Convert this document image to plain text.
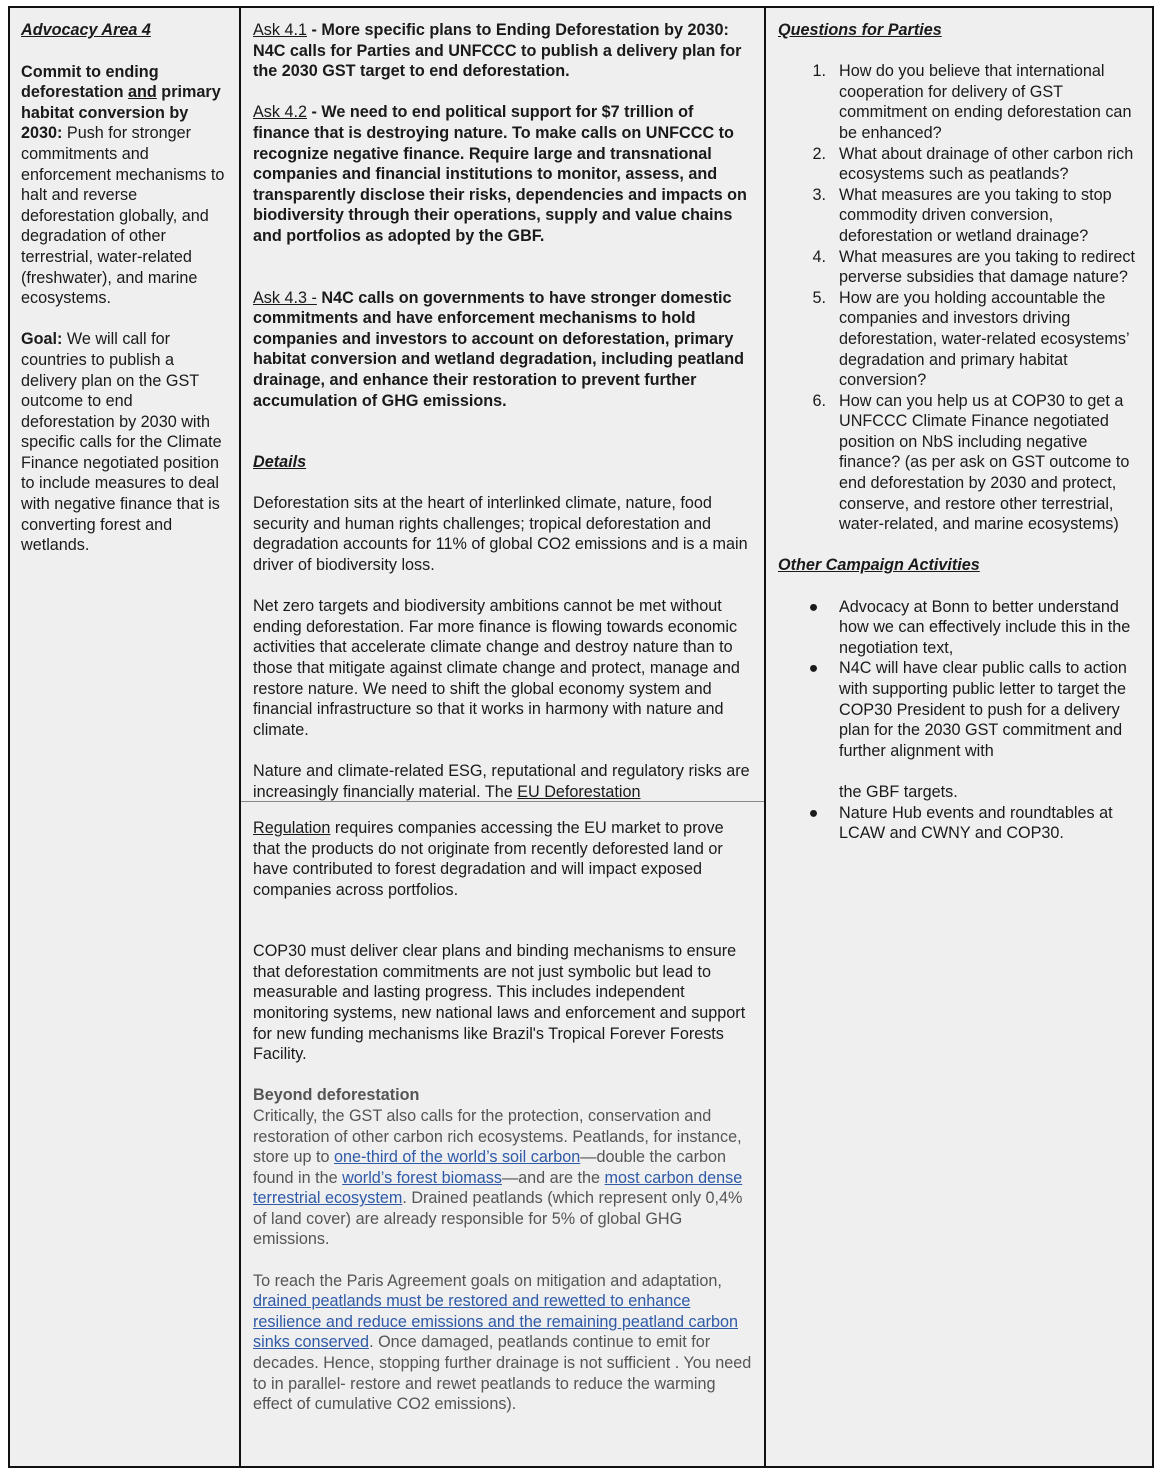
Advocacy Area 4

Commit to ending deforestation and primary habitat conversion by 2030: Push for stronger commitments and enforcement mechanisms to halt and reverse deforestation globally, and degradation of other terrestrial, water-related (freshwater), and marine ecosystems.

Goal: We will call for countries to publish a delivery plan on the GST outcome to end deforestation by 2030 with specific calls for the Climate Finance negotiated position to include measures to deal with negative finance that is converting forest and wetlands.

Ask 4.1 - More specific plans to Ending Deforestation by 2030: N4C calls for Parties and UNFCCC to publish a delivery plan for the 2030 GST target to end deforestation.

Ask 4.2 - We need to end political support for $7 trillion of finance that is destroying nature. To make calls on UNFCCC to recognize negative finance. Require large and transnational companies and financial institutions to monitor, assess, and transparently disclose their risks, dependencies and impacts on biodiversity through their operations, supply and value chains and portfolios as adopted by the GBF.

Ask 4.3 - N4C calls on governments to have stronger domestic commitments and have enforcement mechanisms to hold companies and investors to account on deforestation, primary habitat conversion and wetland degradation, including peatland drainage, and enhance their restoration to prevent further accumulation of GHG emissions.

Details

Deforestation sits at the heart of interlinked climate, nature, food security and human rights challenges; tropical deforestation and degradation accounts for 11% of global CO2 emissions and is a main driver of biodiversity loss.

Net zero targets and biodiversity ambitions cannot be met without ending deforestation. Far more finance is flowing towards economic activities that accelerate climate change and destroy nature than to those that mitigate against climate change and protect, manage and restore nature. We need to shift the global economy system and financial infrastructure so that it works in harmony with nature and climate.

Nature and climate-related ESG, reputational and regulatory risks are increasingly financially material. The EU Deforestation
Regulation requires companies accessing the EU market to prove that the products do not originate from recently deforested land or have contributed to forest degradation and will impact exposed companies across portfolios.

COP30 must deliver clear plans and binding mechanisms to ensure that deforestation commitments are not just symbolic but lead to measurable and lasting progress. This includes independent monitoring systems, new national laws and enforcement and support for new funding mechanisms like Brazil's Tropical Forever Forests Facility.

Beyond deforestation

Critically, the GST also calls for the protection, conservation and restoration of other carbon rich ecosystems. Peatlands, for instance, store up to one-third of the world’s soil carbon—double the carbon found in the world’s forest biomass—and are the most carbon dense terrestrial ecosystem. Drained peatlands (which represent only 0,4% of land cover) are already responsible for 5% of global GHG emissions.

To reach the Paris Agreement goals on mitigation and adaptation, drained peatlands must be restored and rewetted to enhance resilience and reduce emissions and the remaining peatland carbon sinks conserved. Once damaged, peatlands continue to emit for decades. Hence, stopping further drainage is not sufficient . You need to in parallel- restore and rewet peatlands to reduce the warming effect of cumulative CO2 emissions).

Questions for Parties
1. How do you believe that international cooperation for delivery of GST commitment on ending deforestation can be enhanced?
2. What about drainage of other carbon rich ecosystems such as peatlands?
3. What measures are you taking to stop commodity driven conversion, deforestation or wetland drainage?
4. What measures are you taking to redirect perverse subsidies that damage nature?
5. How are you holding accountable the companies and investors driving deforestation, water-related ecosystems’ degradation and primary habitat conversion?
6. How can you help us at COP30 to get a UNFCCC Climate Finance negotiated position on NbS including negative finance? (as per ask on GST outcome to end deforestation by 2030 and protect, conserve, and restore other terrestrial, water-related, and marine ecosystems)
Other Campaign Activities
●	Advocacy at Bonn to better understand how we can effectively include this in the negotiation text,
●	N4C will have clear public calls to action with supporting public letter to target the COP30 President to push for a delivery plan for the 2030 GST commitment and further alignment with
the GBF targets.
●	Nature Hub events and roundtables at LCAW and CWNY and COP30.
